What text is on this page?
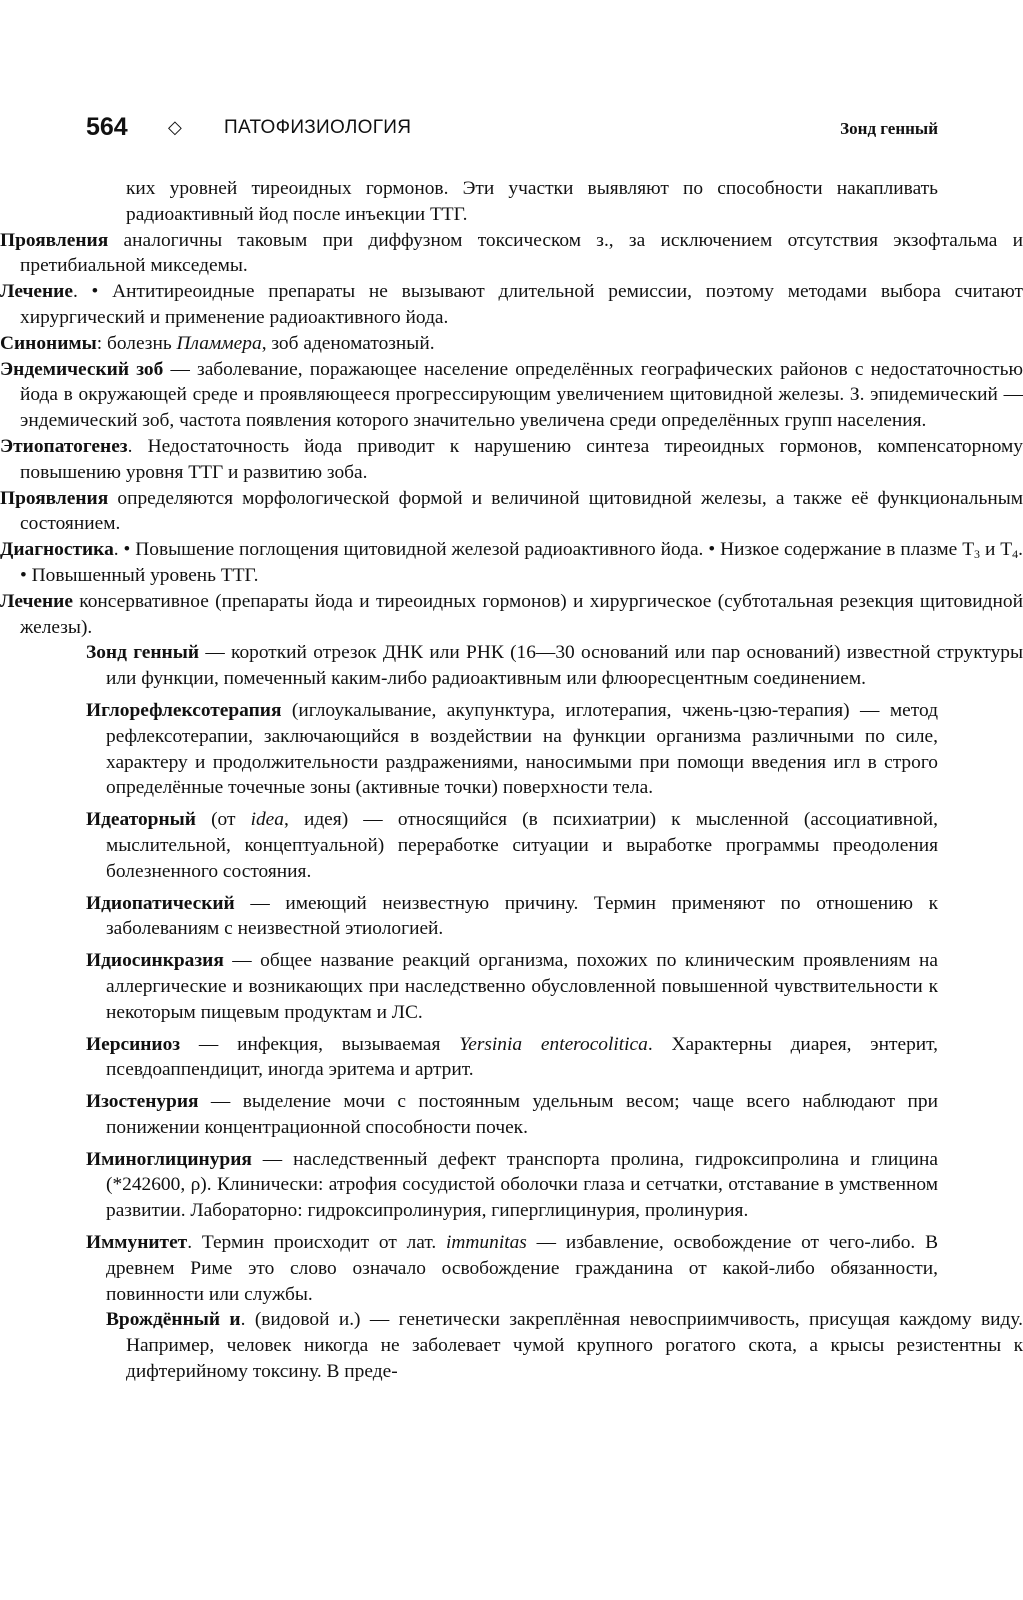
564 ◇ ПАТОФИЗИОЛОГИЯ	Зонд генный

ких уровней тиреоидных гормонов. Эти участки выявляют по способности накапливать радиоактивный йод после инъекции ТТГ.

Проявления аналогичны таковым при диффузном токсическом з., за исключением отсутствия экзофтальма и претибиальной микседемы.

Лечение. • Антитиреоидные препараты не вызывают длительной ремиссии, поэтому методами выбора считают хирургический и применение радиоактивного йода.

Синонимы: болезнь Пламмера, зоб аденоматозный.

Эндемический зоб — заболевание, поражающее население определённых географических районов с недостаточностью йода в окружающей среде и проявляющееся прогрессирующим увеличением щитовидной железы. З. эпидемический — эндемический зоб, частота появления которого значительно увеличена среди определённых групп населения.

Этиопатогенез. Недостаточность йода приводит к нарушению синтеза тиреоидных гормонов, компенсаторному повышению уровня ТТГ и развитию зоба.

Проявления определяются морфологической формой и величиной щитовидной железы, а также её функциональным состоянием.

Диагностика. • Повышение поглощения щитовидной железой радиоактивного йода. • Низкое содержание в плазме $Т_3$ и $Т_4$. • Повышенный уровень ТТГ.

Лечение консервативное (препараты йода и тиреоидных гормонов) и хирургическое (субтотальная резекция щитовидной железы).

Зонд генный — короткий отрезок ДНК или РНК (16—30 оснований или пар оснований) известной структуры или функции, помеченный каким-либо радиоактивным или флюоресцентным соединением.

Иглорефлексотерапия (иглоукалывание, акупунктура, иглотерапия, чжень-цзю-терапия) — метод рефлексотерапии, заключающийся в воздействии на функции организма различными по силе, характеру и продолжительности раздражениями, наносимыми при помощи введения игл в строго определённые точечные зоны (активные точки) поверхности тела.

Идеаторный (от idea, идея) — относящийся (в психиатрии) к мысленной (ассоциативной, мыслительной, концептуальной) переработке ситуации и выработке программы преодоления болезненного состояния.

Идиопатический — имеющий неизвестную причину. Термин применяют по отношению к заболеваниям с неизвестной этиологией.

Идиосинкразия — общее название реакций организма, похожих по клиническим проявлениям на аллергические и возникающих при наследственно обусловленной повышенной чувствительности к некоторым пищевым продуктам и ЛС.

Иерсиниоз — инфекция, вызываемая Yersinia enterocolitica. Характерны диарея, энтерит, псевдоаппендицит, иногда эритема и артрит.

Изостенурия — выделение мочи с постоянным удельным весом; чаще всего наблюдают при понижении концентрационной способности почек.

Иминоглицинурия — наследственный дефект транспорта пролина, гидроксипролина и глицина (*242600, ρ). Клинически: атрофия сосудистой оболочки глаза и сетчатки, отставание в умственном развитии. Лабораторно: гидроксипролинурия, гиперглицинурия, пролинурия.

Иммунитет. Термин происходит от лат. immunitas — избавление, освобождение от чего-либо. В древнем Риме это слово означало освобождение гражданина от какой-либо обязанности, повинности или службы.

Врождённый и. (видовой и.) — генетически закреплённая невосприимчивость, присущая каждому виду. Например, человек никогда не заболевает чумой крупного рогатого скота, а крысы резистентны к дифтерийному токсину. В преде-
